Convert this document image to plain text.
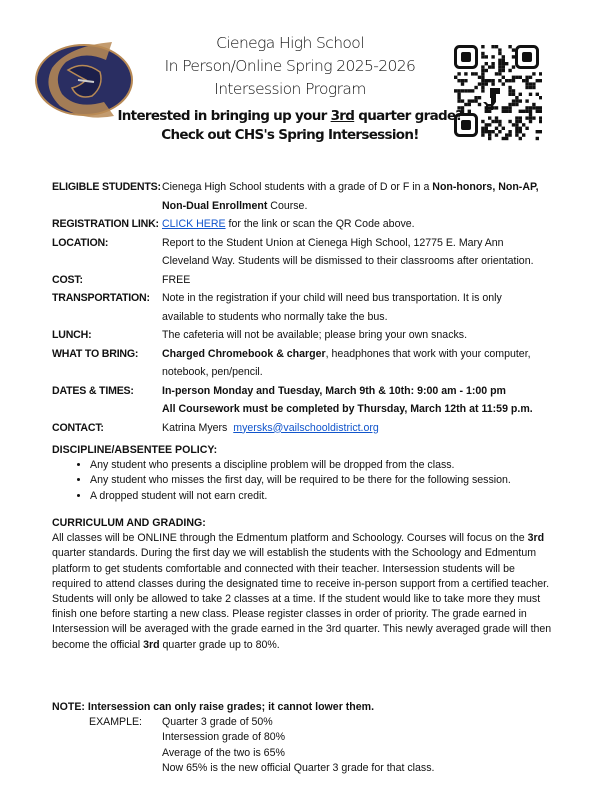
Cienega High School
In Person/Online Spring 2025-2026
Intersession Program
Interested in bringing up your 3rd quarter grade?
Check out CHS's Spring Intersession!
ELIGIBLE STUDENTS: Cienega High School students with a grade of D or F in a Non-honors, Non-AP,
Non-Dual Enrollment Course.
REGISTRATION LINK: CLICK HERE for the link or scan the QR Code above.
LOCATION:	Report to the Student Union at Cienega High School, 12775 E. Mary Ann
Cleveland Way. Students will be dismissed to their classrooms after orientation.
COST:	FREE
TRANSPORTATION: Note in the registration if your child will need bus transportation. It is only
available to students who normally take the bus.
LUNCH:	The cafeteria will not be available; please bring your own snacks.
WHAT TO BRING: Charged Chromebook & charger, headphones that work with your computer,
notebook, pen/pencil.
DATES & TIMES:	In-person Monday and Tuesday, March 9th & 10th: 9:00 am - 1:00 pm
All Coursework must be completed by Thursday, March 12th at 11:59 p.m.
CONTACT:	Katrina Myers myersks@vailschooldistrict.org
DISCIPLINE/ABSENTEE POLICY:
• Any student who presents a discipline problem will be dropped from the class.
• Any student who misses the first day, will be required to be there for the following session.
• A dropped student will not earn credit.
CURRICULUM AND GRADING:
All classes will be ONLINE through the Edmentum platform and Schoology. Courses will focus on the 3rd
quarter standards. During the first day we will establish the students with the Schoology and Edmentum
platform to get students comfortable and connected with their teacher. Intersession students will be
required to attend classes during the designated time to receive in-person support from a certified teacher.
Students will only be allowed to take 2 classes at a time. If the student would like to take more they must
finish one before starting a new class. Please register classes in order of priority. The grade earned in
Intersession will be averaged with the grade earned in the 3rd quarter. This newly averaged grade will then
become the official 3rd quarter grade up to 80%.
NOTE: Intersession can only raise grades; it cannot lower them.
EXAMPLE: Quarter 3 grade of 50%
Intersession grade of 80%
Average of the two is 65%
Now 65% is the new official Quarter 3 grade for that class.
